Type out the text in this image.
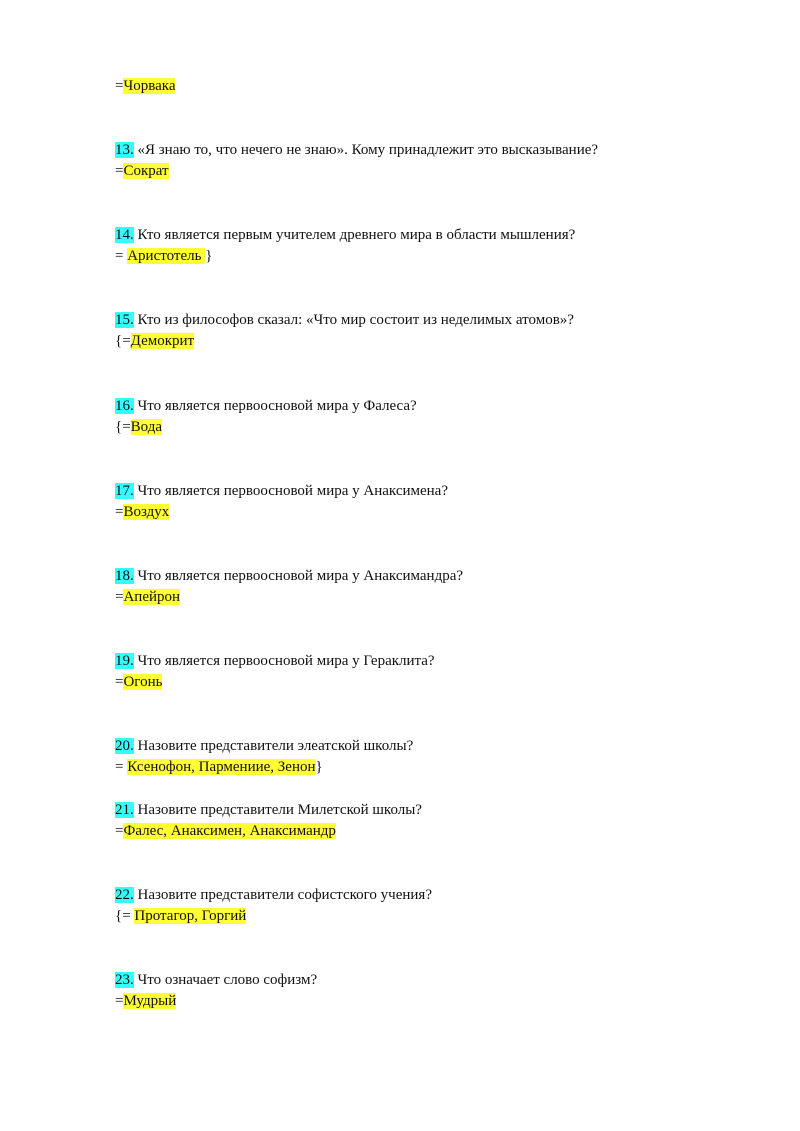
=Чорвака
13. «Я знаю то, что нечего не знаю». Кому принадлежит это высказывание?
=Сократ
14. Кто является первым учителем древнего мира в области мышления?
= Аристотель }
15. Кто из философов сказал: «Что мир состоит из неделимых атомов»?
{=Демокрит
16. Что является первоосновой мира у Фалеса?
{=Вода
17. Что является первоосновой мира у Анаксимена?
=Воздух
18. Что является первоосновой мира у Анаксимандра?
=Апейрон
19. Что является первоосновой мира у Гераклита?
=Огонь
20. Назовите представители элеатской школы?
= Ксенофон, Пармениие, Зенон}
21. Назовите представители Милетской школы?
=Фалес, Анаксимен, Анаксимандр
22. Назовите представители софистского учения?
{= Протагор, Горгий
23. Что означает слово софизм?
=Мудрый
